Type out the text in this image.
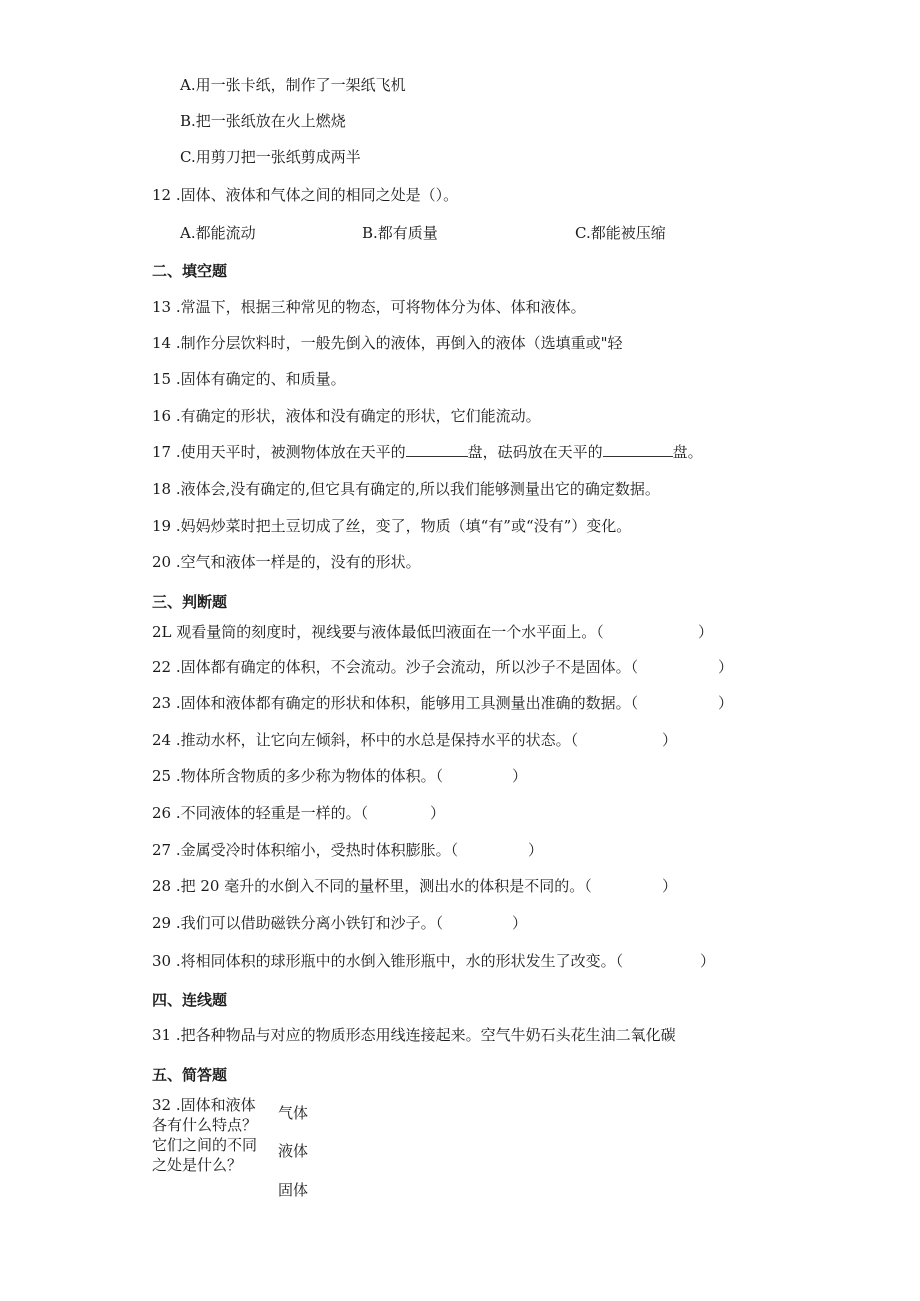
A.用一张卡纸，制作了一架纸飞机
B.把一张纸放在火上燃烧
C.用剪刀把一张纸剪成两半
12 .固体、液体和气体之间的相同之处是（）。
A.都能流动	B.都有质量	C.都能被压缩
二、填空题
13 .常温下，根据三种常见的物态，可将物体分为体、体和液体。
14 .制作分层饮料时，一般先倒入的液体，再倒入的液体（选填重或"轻
15 .固体有确定的、和质量。
16 .有确定的形状，液体和没有确定的形状，它们能流动。
17 .使用天平时，被测物体放在天平的	盘，砝码放在天平的	盘。
18 .液体会,没有确定的,但它具有确定的,所以我们能够测量出它的确定数据。
19 .妈妈炒菜时把土豆切成了丝，变了，物质（填“有”或“没有”）变化。
20 .空气和液体一样是的，没有的形状。
三、判断题
2L 观看量筒的刻度时，视线要与液体最低凹液面在一个水平面上。（	）
22 .固体都有确定的体积，不会流动。沙子会流动，所以沙子不是固体。（	）
23 .固体和液体都有确定的形状和体积，能够用工具测量出准确的数据。（	）
24 .推动水杯，让它向左倾斜，杯中的水总是保持水平的状态。（	）
25 .物体所含物质的多少称为物体的体积。（	）
26 .不同液体的轻重是一样的。（	）
27 .金属受冷时体积缩小，受热时体积膨胀。（	）
28 .把 20 毫升的水倒入不同的量杯里，测出水的体积是不同的。（	）
29 .我们可以借助磁铁分离小铁钉和沙子。（	）
30 .将相同体积的球形瓶中的水倒入锥形瓶中，水的形状发生了改变。（	）
四、连线题
31 .把各种物品与对应的物质形态用线连接起来。空气牛奶石头花生油二氧化碳
五、简答题
32 .固体和液体各有什么特点？它们之间的不同之处是什么？
气体
液体
固体
